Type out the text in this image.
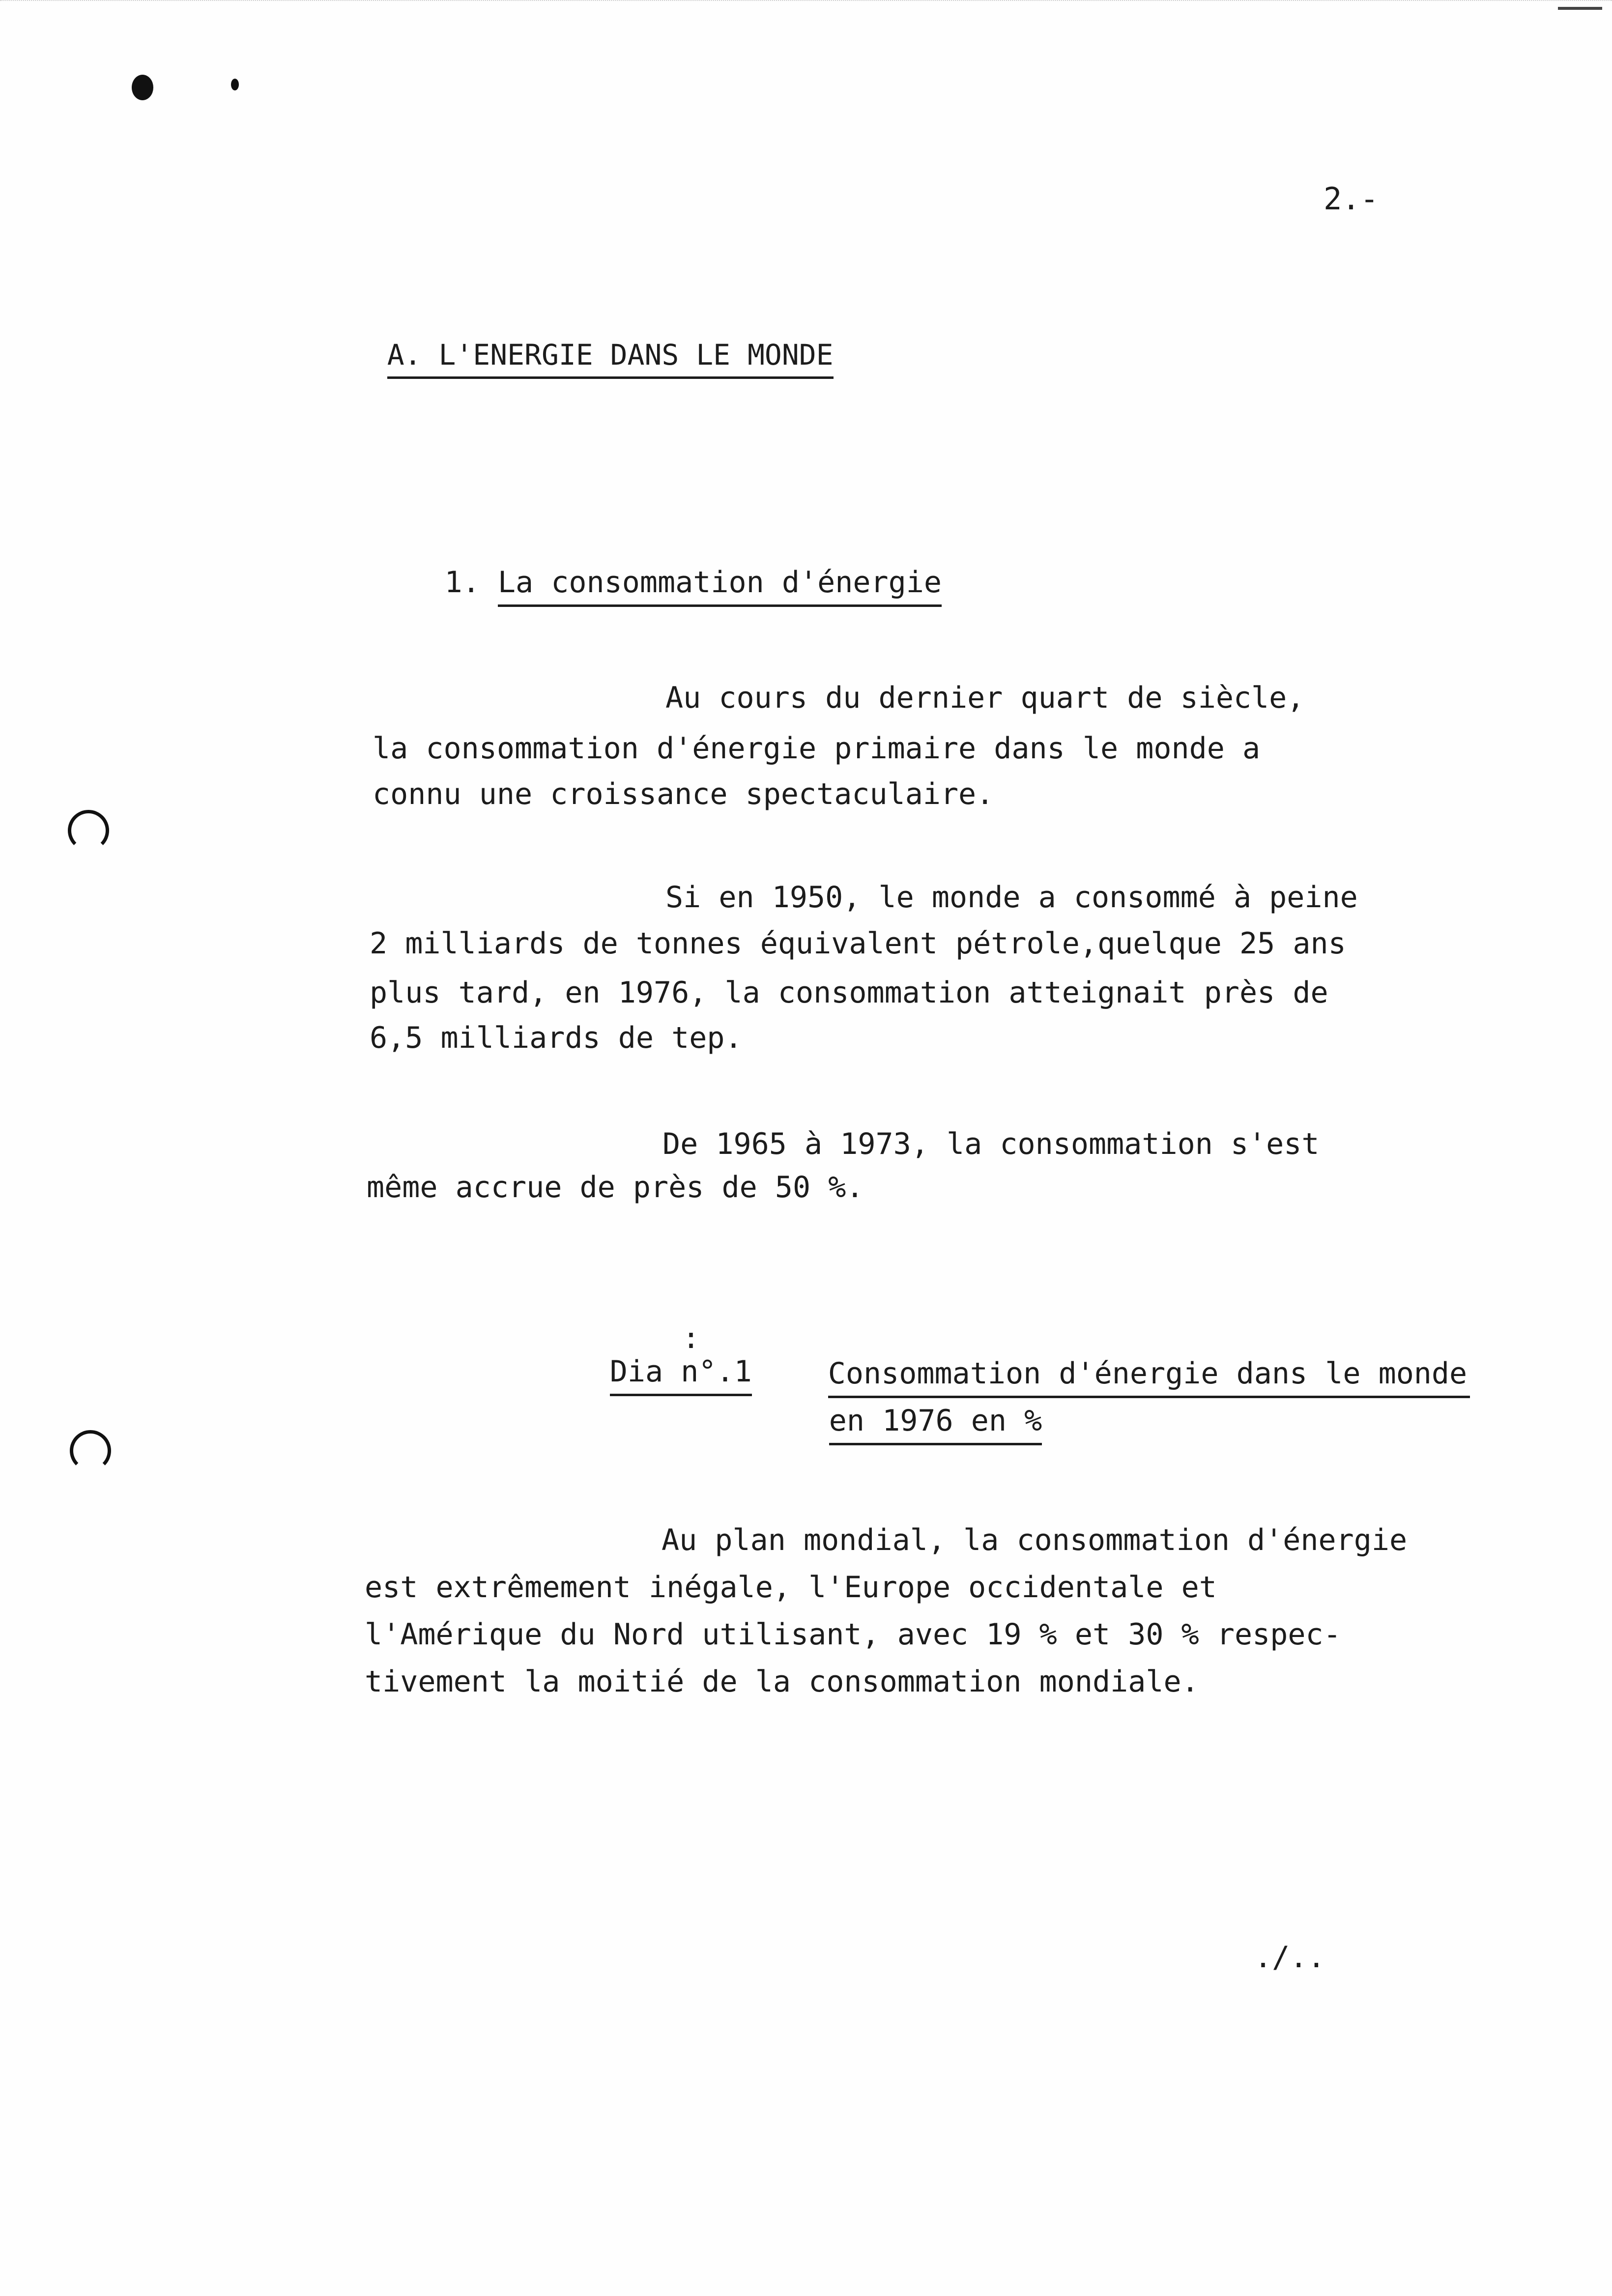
2.-

A. L'ENERGIE DANS LE MONDE

1. La consommation d'énergie

Au cours du dernier quart de siècle,
la consommation d'énergie primaire dans le monde a
connu une croissance spectaculaire.
Si en 1950, le monde a consommé à peine
2 milliards de tonnes équivalent pétrole,quelque 25 ans
plus tard, en 1976, la consommation atteignait près de
6,5 milliards de tep.
De 1965 à 1973, la consommation s'est
même accrue de près de 50 %.

Dia n°.1

:

Consommation d'énergie dans le monde

en 1976 en %

Au plan mondial, la consommation d'énergie
est extrêmement inégale, l'Europe occidentale et
l'Amérique du Nord utilisant, avec 19 % et 30 % respec-
tivement la moitié de la consommation mondiale.
./..
